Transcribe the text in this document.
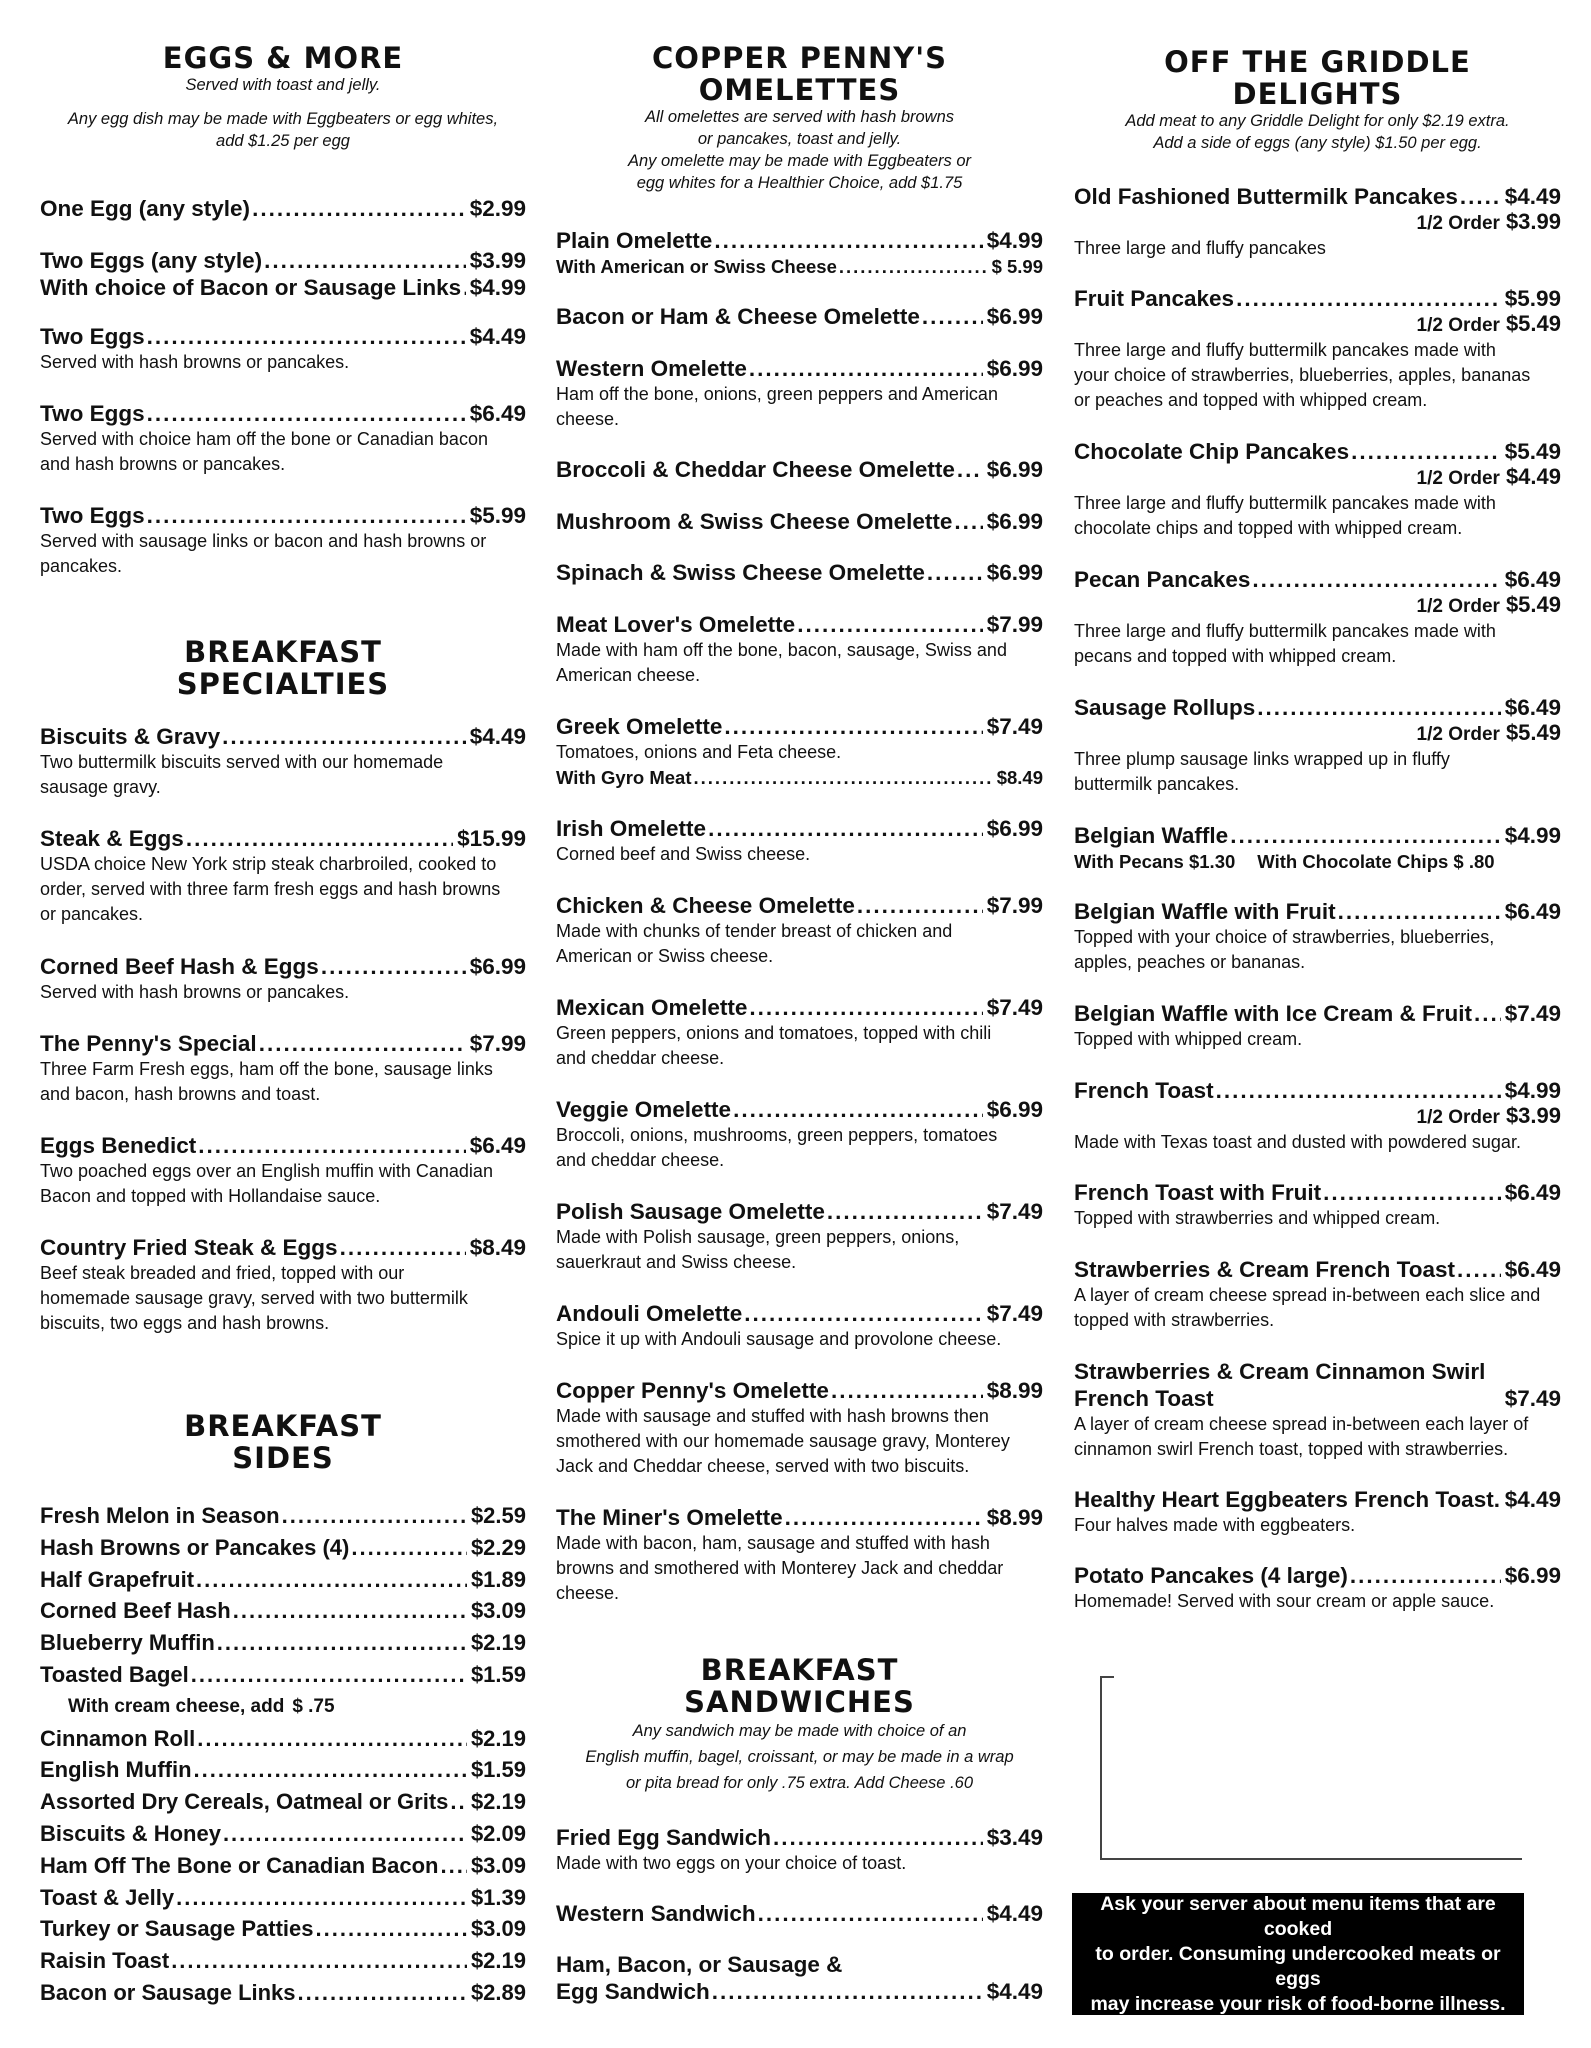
EGGS & MORE

Served with toast and jelly.

Any egg dish may be made with Eggbeaters or egg whites,

add $1.25 per egg

One Egg (any style) .....	$2.99
Two Eggs (any style) .....	$3.99
With choice of Bacon or Sausage Links ..... $4.99
Two Eggs .....	$4.49
Served with hash browns or pancakes.
Two Eggs .....	$6.49
Served with choice ham off the bone or Canadian bacon
and hash browns or pancakes.
Two Eggs .....	$5.99
Served with sausage links or bacon and hash browns or
pancakes.
BREAKFAST
SPECIALTIES
Biscuits & Gravy .....	$4.49
Two buttermilk biscuits served with our homemade
sausage gravy.
Steak & Eggs .....	$15.99
USDA choice New York strip steak charbroiled, cooked to
order, served with three farm fresh eggs and hash browns
or pancakes.
Corned Beef Hash & Eggs .....	$6.99
Served with hash browns or pancakes.
The Penny's Special .....	$7.99
Three Farm Fresh eggs, ham off the bone, sausage links
and bacon, hash browns and toast.
Eggs Benedict .....	$6.49
Two poached eggs over an English muffin with Canadian
Bacon and topped with Hollandaise sauce.
Country Fried Steak & Eggs .....	$8.49
Beef steak breaded and fried, topped with our
homemade sausage gravy, served with two buttermilk
biscuits, two eggs and hash browns.
BREAKFAST
SIDES
Fresh Melon in Season .....	$2.59
Hash Browns or Pancakes (4) .....	$2.29
Half Grapefruit .....	$1.89
Corned Beef Hash .....	$3.09
Blueberry Muffin .....	$2.19
Toasted Bagel .....	$1.59
With cream cheese, add $ .75
Cinnamon Roll .....	$2.19
English Muffin .....	$1.59
Assorted Dry Cereals, Oatmeal or Grits ..... $2.19
Biscuits & Honey .....	$2.09
Ham Off The Bone or Canadian Bacon ..... $3.09
Toast & Jelly .....	$1.39
Turkey or Sausage Patties .....	$3.09
Raisin Toast .....	$2.19
Bacon or Sausage Links .....	$2.89
COPPER PENNY'S
OMELETTES

All omelettes are served with hash browns

or pancakes, toast and jelly.

Any omelette may be made with Eggbeaters or

egg whites for a Healthier Choice, add $1.75

Plain Omelette .....	$4.99
With American or Swiss Cheese .....	$ 5.99
Bacon or Ham & Cheese Omelette .....	$6.99
Western Omelette .....	$6.99
Ham off the bone, onions, green peppers and American
cheese.
Broccoli & Cheddar Cheese Omelette ..... $6.99
Mushroom & Swiss Cheese Omelette ..... $6.99
Spinach & Swiss Cheese Omelette .....	$6.99
Meat Lover's Omelette .....	$7.99
Made with ham off the bone, bacon, sausage, Swiss and
American cheese.
Greek Omelette .....	$7.49
Tomatoes, onions and Feta cheese.
With Gyro Meat .....	$8.49
Irish Omelette .....	$6.99
Corned beef and Swiss cheese.
Chicken & Cheese Omelette .....	$7.99
Made with chunks of tender breast of chicken and
American or Swiss cheese.
Mexican Omelette .....	$7.49
Green peppers, onions and tomatoes, topped with chili
and cheddar cheese.
Veggie Omelette .....	$6.99
Broccoli, onions, mushrooms, green peppers, tomatoes
and cheddar cheese.
Polish Sausage Omelette .....	$7.49
Made with Polish sausage, green peppers, onions,
sauerkraut and Swiss cheese.
Andouli Omelette .....	$7.49
Spice it up with Andouli sausage and provolone cheese.
Copper Penny's Omelette .....	$8.99
Made with sausage and stuffed with hash browns then
smothered with our homemade sausage gravy, Monterey
Jack and Cheddar cheese, served with two biscuits.
The Miner's Omelette .....	$8.99
Made with bacon, ham, sausage and stuffed with hash
browns and smothered with Monterey Jack and cheddar
cheese.
BREAKFAST
SANDWICHES

Any sandwich may be made with choice of an

English muffin, bagel, croissant, or may be made in a wrap

or pita bread for only .75 extra. Add Cheese .60

Fried Egg Sandwich .....	$3.49
Made with two eggs on your choice of toast.
Western Sandwich .....	$4.49
Ham, Bacon, or Sausage &
Egg Sandwich .....	$4.49
OFF THE GRIDDLE
DELIGHTS

Add meat to any Griddle Delight for only $2.19 extra.

Add a side of eggs (any style) $1.50 per egg.

Old Fashioned Buttermilk Pancakes ..... $4.49
1/2 Order $3.99
Three large and fluffy pancakes
Fruit Pancakes .....	$5.99
1/2 Order $5.49
Three large and fluffy buttermilk pancakes made with
your choice of strawberries, blueberries, apples, bananas
or peaches and topped with whipped cream.
Chocolate Chip Pancakes .....	$5.49
1/2 Order $4.49
Three large and fluffy buttermilk pancakes made with
chocolate chips and topped with whipped cream.
Pecan Pancakes .....	$6.49
1/2 Order $5.49
Three large and fluffy buttermilk pancakes made with
pecans and topped with whipped cream.
Sausage Rollups .....	$6.49
1/2 Order $5.49
Three plump sausage links wrapped up in fluffy
buttermilk pancakes.
Belgian Waffle .....	$4.99
With Pecans $1.30 With Chocolate Chips $ .80
Belgian Waffle with Fruit .....	$6.49
Topped with your choice of strawberries, blueberries,
apples, peaches or bananas.
Belgian Waffle with Ice Cream & Fruit ..... $7.49
Topped with whipped cream.
French Toast .....	$4.99
1/2 Order $3.99
Made with Texas toast and dusted with powdered sugar.
French Toast with Fruit .....	$6.49
Topped with strawberries and whipped cream.
Strawberries & Cream French Toast ..... $6.49
A layer of cream cheese spread in-between each slice and
topped with strawberries.
Strawberries & Cream Cinnamon Swirl
French Toast	$7.49
A layer of cream cheese spread in-between each layer of
cinnamon swirl French toast, topped with strawberries.
Healthy Heart Eggbeaters French Toast. $4.49
Four halves made with eggbeaters.
Potato Pancakes (4 large) .....	$6.99
Homemade! Served with sour cream or apple sauce.
Ask your server about menu items that are cooked
to order. Consuming undercooked meats or eggs
may increase your risk of food-borne illness.
